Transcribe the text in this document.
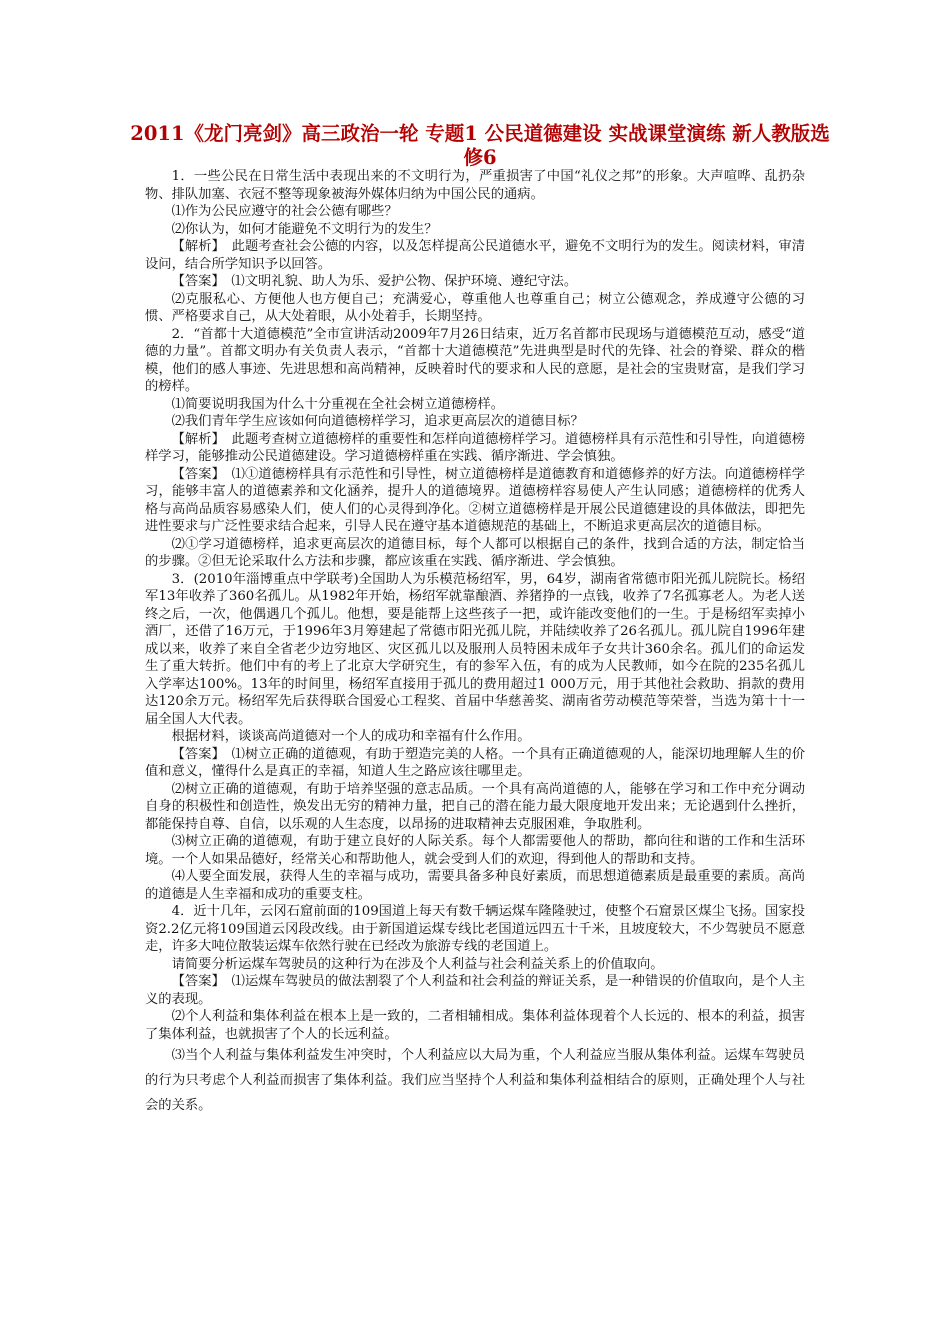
2011《龙门亮剑》高三政治一轮 专题1 公民道德建设 实战课堂演练 新人教版选修6

1．一些公民在日常生活中表现出来的不文明行为，严重损害了中国“礼仪之邦”的形象。大声喧哗、乱扔杂物、排队加塞、衣冠不整等现象被海外媒体归纳为中国公民的通病。

⑴作为公民应遵守的社会公德有哪些？

⑵你认为，如何才能避免不文明行为的发生？

【解析】　此题考查社会公德的内容，以及怎样提高公民道德水平，避免不文明行为的发生。阅读材料，审清设问，结合所学知识予以回答。

【答案】　⑴文明礼貌、助人为乐、爱护公物、保护环境、遵纪守法。

⑵克服私心、方便他人也方便自己；充满爱心，尊重他人也尊重自己；树立公德观念，养成遵守公德的习惯、严格要求自己，从大处着眼，从小处着手，长期坚持。

2．“首都十大道德模范”全市宣讲活动2009年7月26日结束，近万名首都市民现场与道德模范互动，感受“道德的力量”。首都文明办有关负责人表示，“首都十大道德模范”先进典型是时代的先锋、社会的脊梁、群众的楷模，他们的感人事迹、先进思想和高尚精神，反映着时代的要求和人民的意愿，是社会的宝贵财富，是我们学习的榜样。

⑴简要说明我国为什么十分重视在全社会树立道德榜样。

⑵我们青年学生应该如何向道德榜样学习，追求更高层次的道德目标？

【解析】　此题考查树立道德榜样的重要性和怎样向道德榜样学习。道德榜样具有示范性和引导性，向道德榜样学习，能够推动公民道德建设。学习道德榜样重在实践、循序渐进、学会慎独。

【答案】　⑴①道德榜样具有示范性和引导性，树立道德榜样是道德教育和道德修养的好方法。向道德榜样学习，能够丰富人的道德素养和文化涵养，提升人的道德境界。道德榜样容易使人产生认同感；道德榜样的优秀人格与高尚品质容易感染人们，使人们的心灵得到净化。②树立道德榜样是开展公民道德建设的具体做法，即把先进性要求与广泛性要求结合起来，引导人民在遵守基本道德规范的基础上，不断追求更高层次的道德目标。

⑵①学习道德榜样，追求更高层次的道德目标，每个人都可以根据自己的条件，找到合适的方法，制定恰当的步骤。②但无论采取什么方法和步骤，都应该重在实践、循序渐进、学会慎独。

3．(2010年淄博重点中学联考)全国助人为乐模范杨绍军，男，64岁，湖南省常德市阳光孤儿院院长。杨绍军13年收养了360名孤儿。从1982年开始，杨绍军就靠酿酒、养猪挣的一点钱，收养了7名孤寡老人。为老人送终之后，一次，他偶遇几个孤儿。他想，要是能帮上这些孩子一把，或许能改变他们的一生。于是杨绍军卖掉小酒厂，还借了16万元，于1996年3月筹建起了常德市阳光孤儿院，并陆续收养了26名孤儿。孤儿院自1996年建成以来，收养了来自全省老少边穷地区、灾区孤儿以及服刑人员特困未成年子女共计360余名。孤儿们的命运发生了重大转折。他们中有的考上了北京大学研究生，有的参军入伍，有的成为人民教师，如今在院的235名孤儿入学率达100%。13年的时间里，杨绍军直接用于孤儿的费用超过1 000万元，用于其他社会救助、捐款的费用达120余万元。杨绍军先后获得联合国爱心工程奖、首届中华慈善奖、湖南省劳动模范等荣誉，当选为第十十一届全国人大代表。

根据材料，谈谈高尚道德对一个人的成功和幸福有什么作用。

【答案】　⑴树立正确的道德观，有助于塑造完美的人格。一个具有正确道德观的人，能深切地理解人生的价值和意义，懂得什么是真正的幸福，知道人生之路应该往哪里走。

⑵树立正确的道德观，有助于培养坚强的意志品质。一个具有高尚道德的人，能够在学习和工作中充分调动自身的积极性和创造性，焕发出无穷的精神力量，把自己的潜在能力最大限度地开发出来；无论遇到什么挫折，都能保持自尊、自信，以乐观的人生态度，以昂扬的进取精神去克服困难，争取胜利。

⑶树立正确的道德观，有助于建立良好的人际关系。每个人都需要他人的帮助，都向往和谐的工作和生活环境。一个人如果品德好，经常关心和帮助他人，就会受到人们的欢迎，得到他人的帮助和支持。

⑷人要全面发展，获得人生的幸福与成功，需要具备多种良好素质，而思想道德素质是最重要的素质。高尚的道德是人生幸福和成功的重要支柱。

4．近十几年，云冈石窟前面的109国道上每天有数千辆运煤车隆隆驶过，使整个石窟景区煤尘飞扬。国家投资2.2亿元将109国道云冈段改线。由于新国道运煤专线比老国道远四五十千米，且坡度较大，不少驾驶员不愿意走，许多大吨位散装运煤车依然行驶在已经改为旅游专线的老国道上。

请简要分析运煤车驾驶员的这种行为在涉及个人利益与社会利益关系上的价值取向。

【答案】　⑴运煤车驾驶员的做法割裂了个人利益和社会利益的辩证关系，是一种错误的价值取向，是个人主义的表现。

⑵个人利益和集体利益在根本上是一致的，二者相辅相成。集体利益体现着个人长远的、根本的利益，损害了集体利益，也就损害了个人的长远利益。

⑶当个人利益与集体利益发生冲突时，个人利益应以大局为重，个人利益应当服从集体利益。运煤车驾驶员的行为只考虑个人利益而损害了集体利益。我们应当坚持个人利益和集体利益相结合的原则，正确处理个人与社会的关系。
